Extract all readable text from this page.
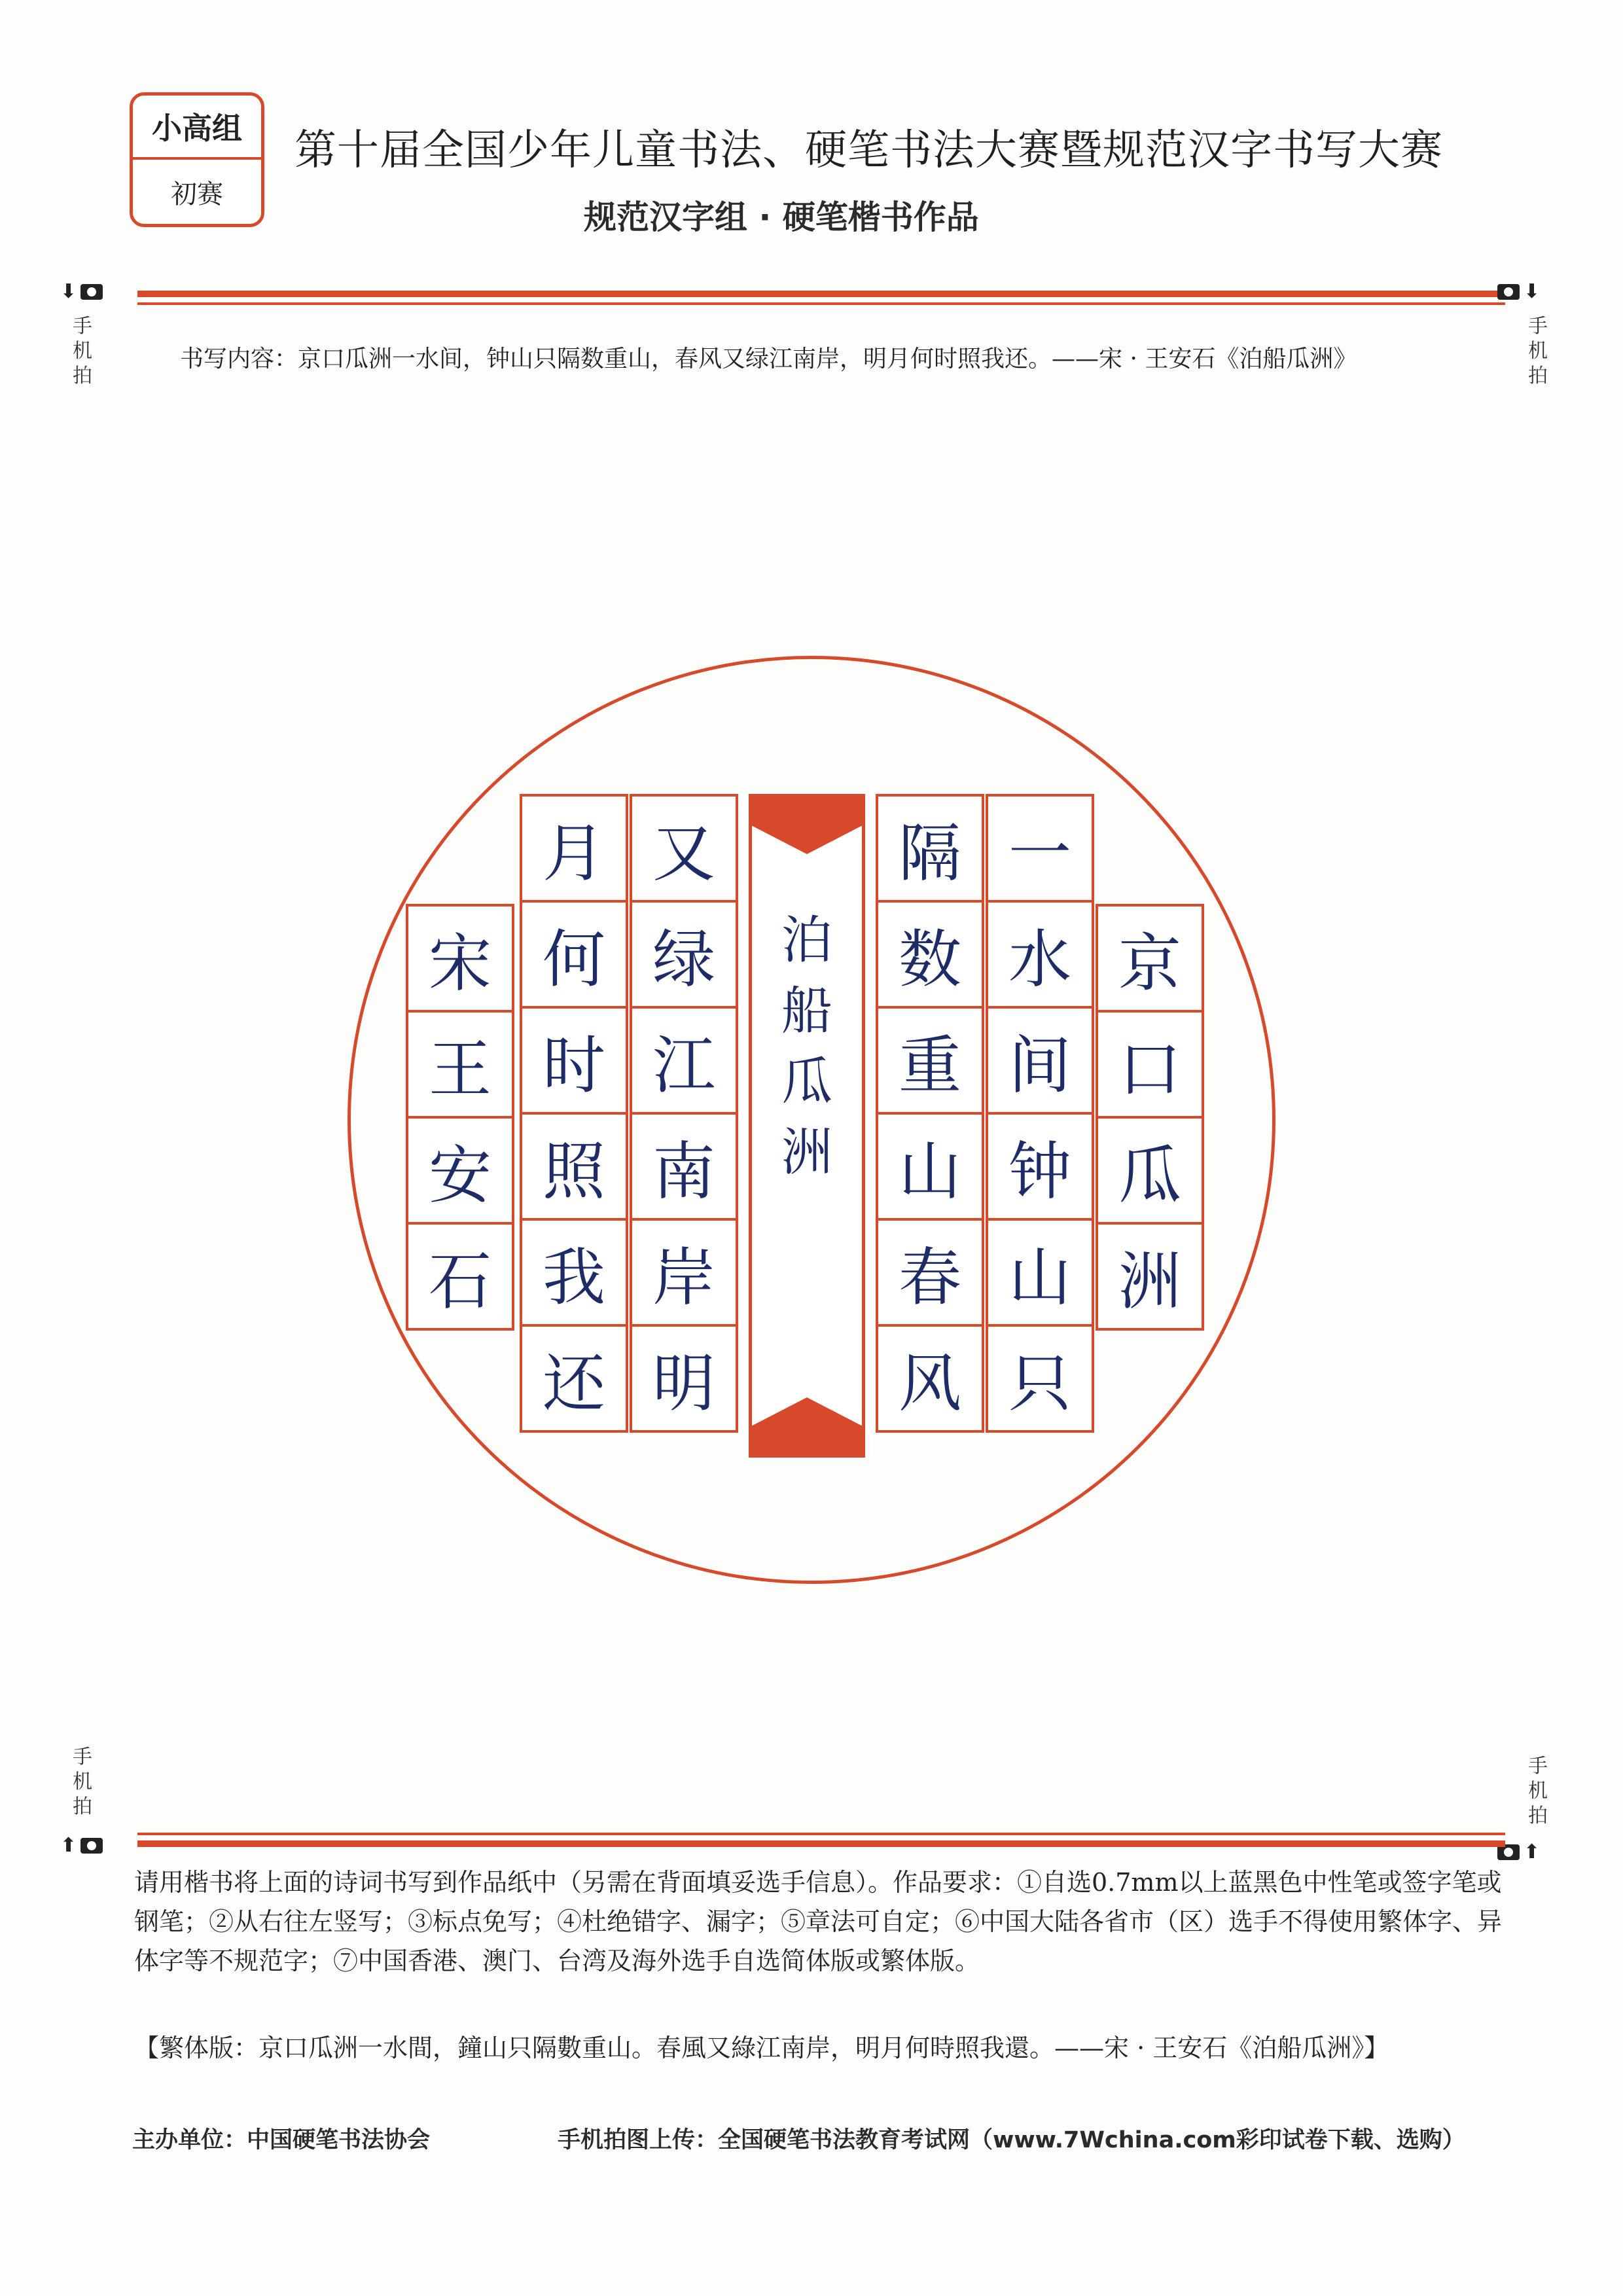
小高组
初赛
第十届全国少年儿童书法、硬笔书法大赛暨规范汉字书写大赛
规范汉字组 · 硬笔楷书作品
⬇
手
机
拍
⬇
手
机
拍
书写内容：京口瓜洲一水间，钟山只隔数重山，春风又绿江南岸，明月何时照我还。——宋 · 王安石《泊船瓜洲》
京
口
瓜
洲
一
水
间
钟
山
只
隔
数
重
山
春
风
又
绿
江
南
岸
明
月
何
时
照
我
还
宋
王
安
石
泊船瓜洲
手
机
拍
⬆
手
机
拍
⬆
请用楷书将上面的诗词书写到作品纸中（另需在背面填妥选手信息）。作品要求：①自选0.7mm以上蓝黑色中性笔或签字笔或钢笔；②从右往左竖写；③标点免写；④杜绝错字、漏字；⑤章法可自定；⑥中国大陆各省市（区）选手不得使用繁体字、异体字等不规范字；⑦中国香港、澳门、台湾及海外选手自选简体版或繁体版。
【繁体版：京口瓜洲一水間，鐘山只隔數重山。春風又綠江南岸，明月何時照我還。——宋 · 王安石《泊船瓜洲》】
主办单位：中国硬笔书法协会	手机拍图上传：全国硬笔书法教育考试网（www.7Wchina.com彩印试卷下载、选购）
